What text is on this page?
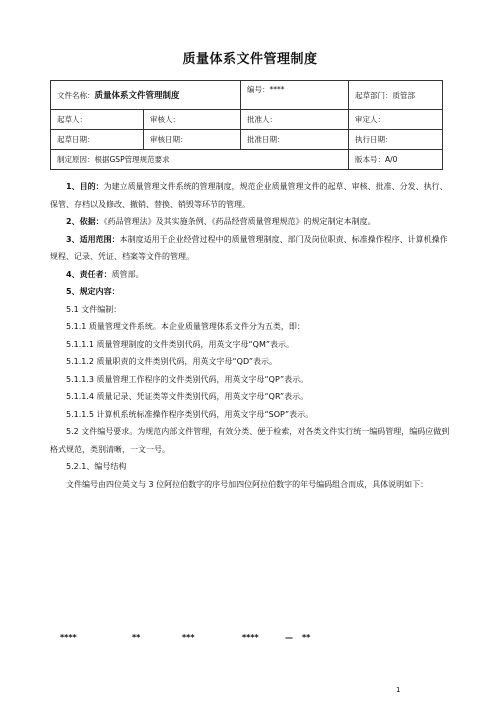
质量体系文件管理制度
文件名称：质量体系文件管理制度		编号：****	起草部门：质管部
起草人：	审核人：	批准人：	审定人：
起草日期：	审核日期：	批准日期：	执行日期：
制定原因：根据GSP管理规范要求			版本号：A/0

1、目的：为建立质量管理文件系统的管理制度，规范企业质量管理文件的起草、审核、批准、分发、执行、保管、存档以及修改、撤销、替换、销毁等环节的管理。

2、依据：《药品管理法》及其实施条例、《药品经营质量管理规范》的规定制定本制度。

3、适用范围：本制度适用于企业经营过程中的质量管理制度、部门及岗位职责、标准操作程序、计算机操作规程、记录、凭证、档案等文件的管理。

4、责任者：质管部。

5、规定内容：

5.1 文件编制：

5.1.1 质量管理文件系统。本企业质量管理体系文件分为五类，即：

5.1.1.1 质量管理制度的文件类别代码，用英文字母“QM”表示。

5.1.1.2 质量职责的文件类别代码，用英文字母“QD”表示。

5.1.1.3 质量管理工作程序的文件类别代码，用英文字母“QP”表示。

5.1.1.4 质量记录、凭证类等文件类别代码，用英文字母“QR”表示。

5.1.1.5 计算机系统标准操作程序类别代码，用英文字母“SOP”表示。

5.2 文件编号要求。为规范内部文件管理，有效分类、便于检索，对各类文件实行统一编码管理，编码应做到格式规范，类别清晰，一文一号。

5.2.1、编号结构

文件编号由四位英文与 3 位阿拉伯数字的序号加四位阿拉伯数字的年号编码组合而成，具体说明如下：

****	**	***	****	— **
1
